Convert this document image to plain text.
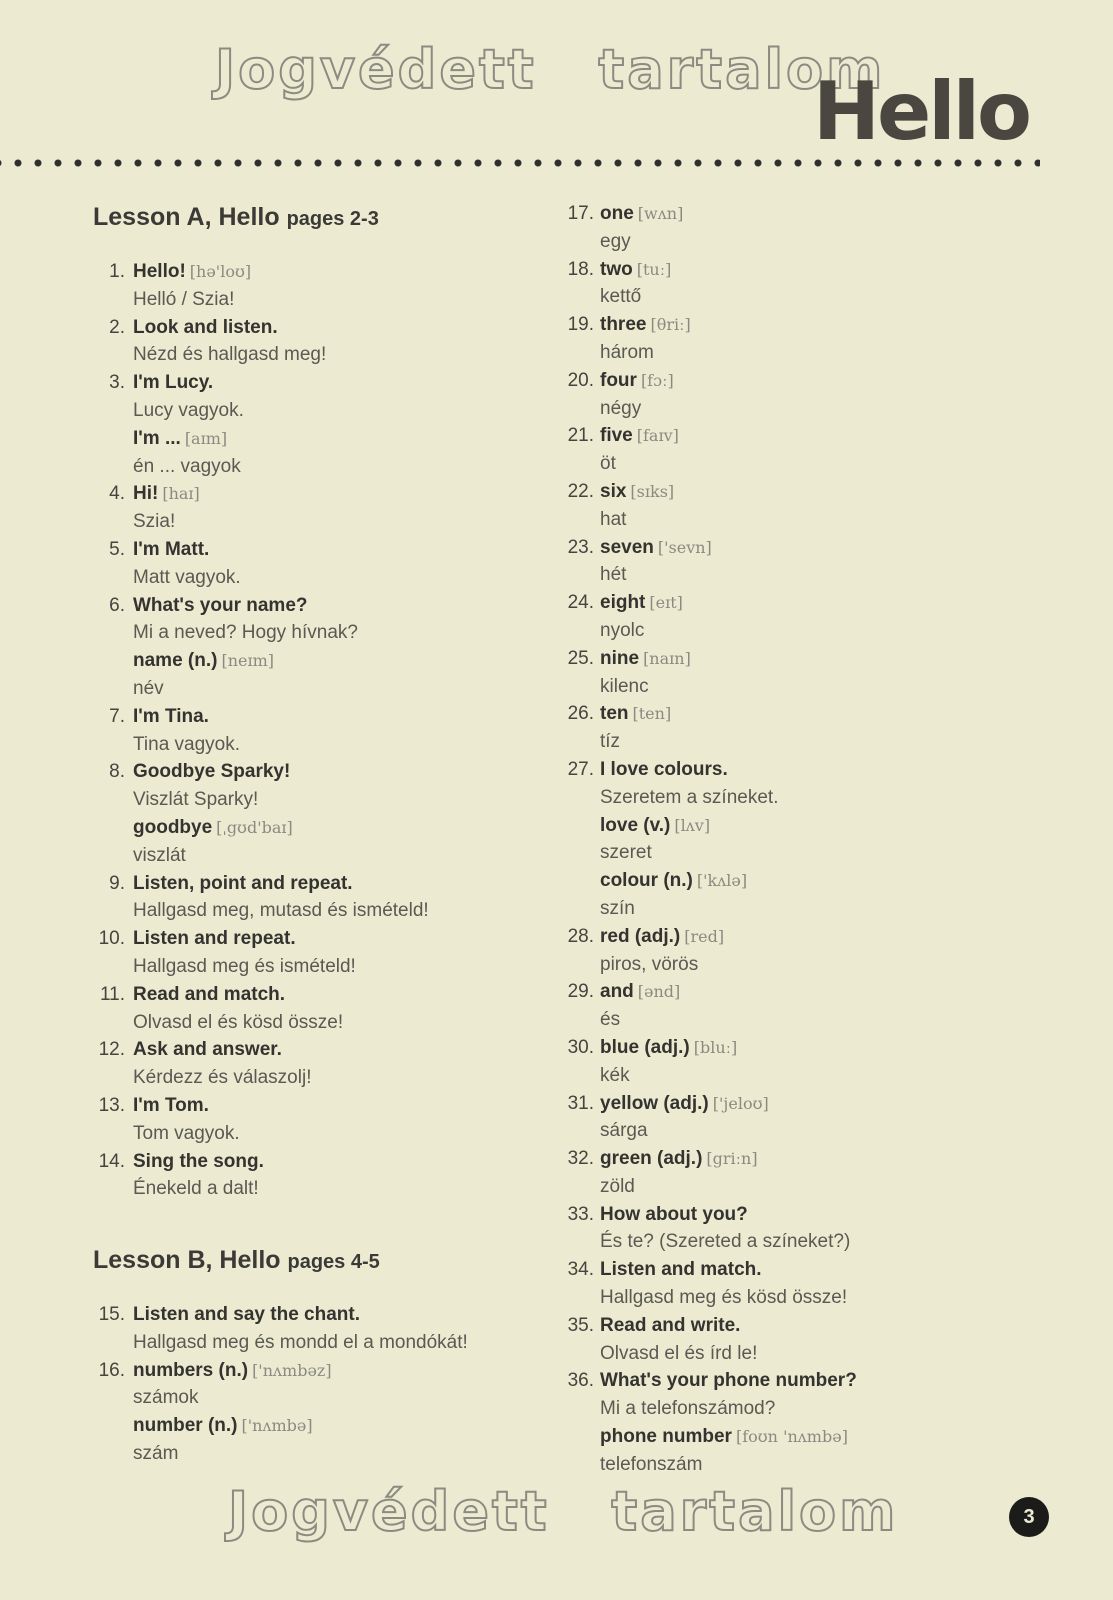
Jogvédett tartalom
Hello
Lesson A, Hello pages 2-3
1. Hello! [hə'loʊ]
Helló / Szia!
2. Look and listen.
Nézd és hallgasd meg!
3. I'm Lucy.
Lucy vagyok.
I'm ... [aɪm]
én ... vagyok
4. Hi! [haɪ]
Szia!
5. I'm Matt.
Matt vagyok.
6. What's your name?
Mi a neved? Hogy hívnak?
name (n.) [neɪm]
név
7. I'm Tina.
Tina vagyok.
8. Goodbye Sparky!
Viszlát Sparky!
goodbye [ˌgʊd'baɪ]
viszlát
9. Listen, point and repeat.
Hallgasd meg, mutasd és ismételd!
10. Listen and repeat.
Hallgasd meg és ismételd!
11. Read and match.
Olvasd el és kösd össze!
12. Ask and answer.
Kérdezz és válaszolj!
13. I'm Tom.
Tom vagyok.
14. Sing the song.
Énekeld a dalt!
Lesson B, Hello pages 4-5
15. Listen and say the chant.
Hallgasd meg és mondd el a mondókát!
16. numbers (n.) ['nʌmbəz]
számok
number (n.) ['nʌmbə]
szám
17. one [wʌn]
egy
18. two [tuː]
kettő
19. three [θriː]
három
20. four [fɔː]
négy
21. five [faɪv]
öt
22. six [sɪks]
hat
23. seven ['sevn]
hét
24. eight [eɪt]
nyolc
25. nine [naɪn]
kilenc
26. ten [ten]
tíz
27. I love colours.
Szeretem a színeket.
love (v.) [lʌv]
szeret
colour (n.) ['kʌlə]
szín
28. red (adj.) [red]
piros, vörös
29. and [ənd]
és
30. blue (adj.) [bluː]
kék
31. yellow (adj.) ['jeloʊ]
sárga
32. green (adj.) [griːn]
zöld
33. How about you?
És te? (Szereted a színeket?)
34. Listen and match.
Hallgasd meg és kösd össze!
35. Read and write.
Olvasd el és írd le!
36. What's your phone number?
Mi a telefonszámod?
phone number [foʊn 'nʌmbə]
telefonszám
Jogvédett tartalom	3
